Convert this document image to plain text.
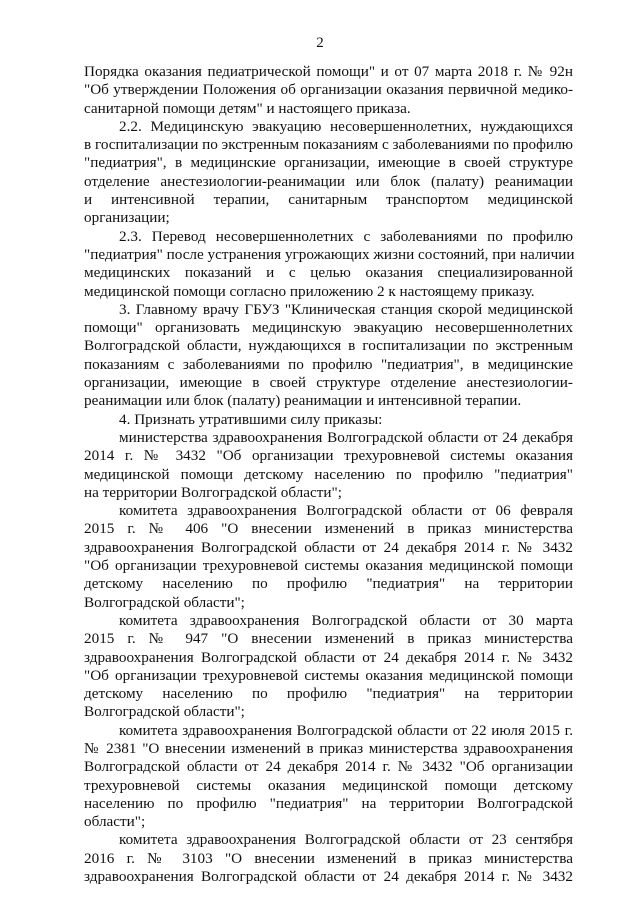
2
Порядка оказания педиатрической помощи" и от 07 марта 2018 г. № 92н
"Об утверждении Положения об организации оказания первичной медико-
санитарной помощи детям" и настоящего приказа.
2.2. Медицинскую эвакуацию несовершеннолетних, нуждающихся
в госпитализации по экстренным показаниям с заболеваниями по профилю
"педиатрия", в медицинские организации, имеющие в своей структуре
отделение анестезиологии-реанимации или блок (палату) реанимации
и интенсивной терапии, санитарным транспортом медицинской
организации;
2.3. Перевод несовершеннолетних с заболеваниями по профилю
"педиатрия" после устранения угрожающих жизни состояний, при наличии
медицинских показаний и с целью оказания специализированной
медицинской помощи согласно приложению 2 к настоящему приказу.
3. Главному врачу ГБУЗ "Клиническая станция скорой медицинской
помощи" организовать медицинскую эвакуацию несовершеннолетних
Волгоградской области, нуждающихся в госпитализации по экстренным
показаниям с заболеваниями по профилю "педиатрия", в медицинские
организации, имеющие в своей структуре отделение анестезиологии-
реанимации или блок (палату) реанимации и интенсивной терапии.
4. Признать утратившими силу приказы:
министерства здравоохранения Волгоградской области от 24 декабря
2014 г. № 3432 "Об организации трехуровневой системы оказания
медицинской помощи детскому населению по профилю "педиатрия"
на территории Волгоградской области";
комитета здравоохранения Волгоградской области от 06 февраля
2015 г. № 406 "О внесении изменений в приказ министерства
здравоохранения Волгоградской области от 24 декабря 2014 г. № 3432
"Об организации трехуровневой системы оказания медицинской помощи
детскому населению по профилю "педиатрия" на территории
Волгоградской области";
комитета здравоохранения Волгоградской области от 30 марта
2015 г. № 947 "О внесении изменений в приказ министерства
здравоохранения Волгоградской области от 24 декабря 2014 г. № 3432
"Об организации трехуровневой системы оказания медицинской помощи
детскому населению по профилю "педиатрия" на территории
Волгоградской области";
комитета здравоохранения Волгоградской области от 22 июля 2015 г.
№ 2381 "О внесении изменений в приказ министерства здравоохранения
Волгоградской области от 24 декабря 2014 г. № 3432 "Об организации
трехуровневой системы оказания медицинской помощи детскому
населению по профилю "педиатрия" на территории Волгоградской
области";
комитета здравоохранения Волгоградской области от 23 сентября
2016 г. № 3103 "О внесении изменений в приказ министерства
здравоохранения Волгоградской области от 24 декабря 2014 г. № 3432
